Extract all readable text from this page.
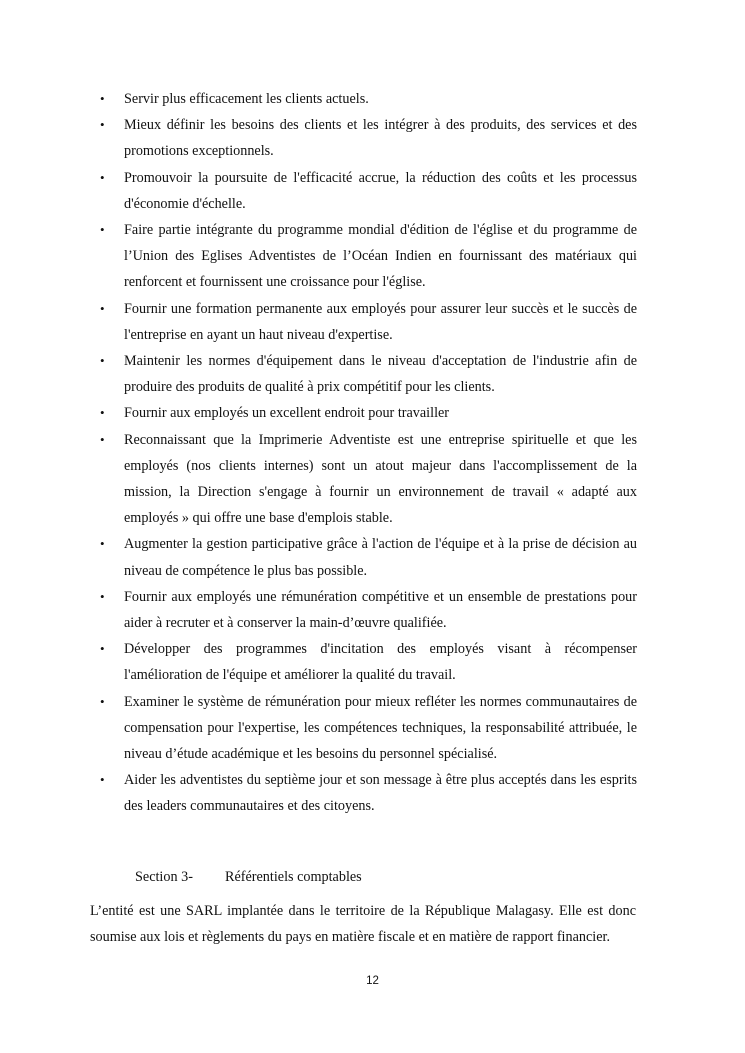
• Servir plus efficacement les clients actuels.
• Mieux définir les besoins des clients et les intégrer à des produits, des services et des promotions exceptionnels.
• Promouvoir la poursuite de l'efficacité accrue, la réduction des coûts et les processus d'économie d'échelle.
• Faire partie intégrante du programme mondial d'édition de l'église et du programme de l’Union des Eglises Adventistes de l’Océan Indien en fournissant des matériaux qui renforcent et fournissent une croissance pour l'église.
• Fournir une formation permanente aux employés pour assurer leur succès et le succès de l'entreprise en ayant un haut niveau d'expertise.
• Maintenir les normes d'équipement dans le niveau d'acceptation de l'industrie afin de produire des produits de qualité à prix compétitif pour les clients.
• Fournir aux employés un excellent endroit pour travailler
• Reconnaissant que la Imprimerie Adventiste est une entreprise spirituelle et que les employés (nos clients internes) sont un atout majeur dans l'accomplissement de la mission, la Direction s'engage à fournir un environnement de travail « adapté aux employés » qui offre une base d'emplois stable.
• Augmenter la gestion participative grâce à l'action de l'équipe et à la prise de décision au niveau de compétence le plus bas possible.
• Fournir aux employés une rémunération compétitive et un ensemble de prestations pour aider à recruter et à conserver la main-d’œuvre qualifiée.
• Développer des programmes d'incitation des employés visant à récompenser l'amélioration de l'équipe et améliorer la qualité du travail.
• Examiner le système de rémunération pour mieux refléter les normes communautaires de compensation pour l'expertise, les compétences techniques, la responsabilité attribuée, le niveau d’étude académique et les besoins du personnel spécialisé.
• Aider les adventistes du septième jour et son message à être plus acceptés dans les esprits des leaders communautaires et des citoyens.
Section 3- Référentiels comptables

L’entité est une SARL implantée dans le territoire de la République Malagasy. Elle est donc soumise aux lois et règlements du pays en matière fiscale et en matière de rapport financier.

12
